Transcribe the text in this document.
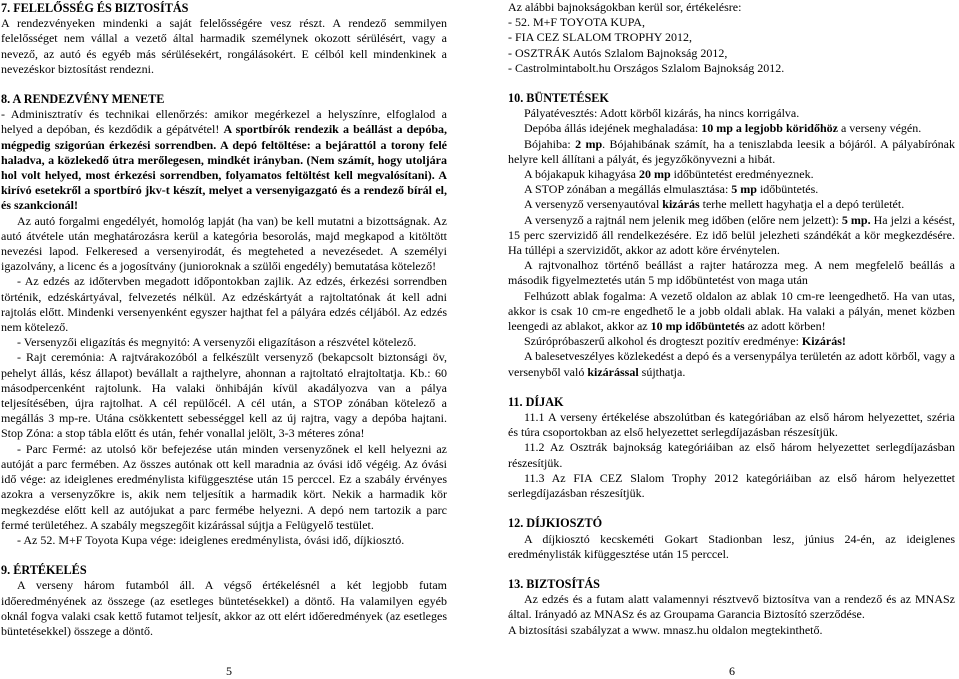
7. FELELŐSSÉG ÉS BIZTOSÍTÁS

A rendezvényeken mindenki a saját felelősségére vesz részt. A rendező semmilyen felelősséget nem vállal a vezető által harmadik személynek okozott sérülésért, vagy a nevező, az autó és egyéb más sérülésekért, rongálásokért. E célból kell mindenkinek a nevezéskor biztosítást rendezni.

8. A RENDEZVÉNY MENETE

- Adminisztratív és technikai ellenőrzés: amikor megérkezel a helyszínre, elfoglalod a helyed a depóban, és kezdődik a gépátvétel! A sportbírók rendezik a beállást a depóba, mégpedig szigorúan érkezési sorrendben. A depó feltöltése: a bejárattól a torony felé haladva, a közlekedő útra merőlegesen, mindkét irányban. (Nem számít, hogy utoljára hol volt helyed, most érkezési sorrendben, folyamatos feltöltést kell megvalósítani). A kirívó esetekről a sportbíró jkv-t készít, melyet a versenyigazgató és a rendező bírál el, és szankcionál!

Az autó forgalmi engedélyét, homológ lapját (ha van) be kell mutatni a bizottságnak. Az autó átvétele után meghatározásra kerül a kategória besorolás, majd megkapod a kitöltött nevezési lapod. Felkeresed a versenyirodát, és megteheted a nevezésedet. A személyi igazolvány, a licenc és a jogosítvány (junioroknak a szülői engedély) bemutatása kötelező!

- Az edzés az időtervben megadott időpontokban zajlik. Az edzés, érkezési sorrendben történik, edzéskártyával, felvezetés nélkül. Az edzéskártyát a rajtoltatónak át kell adni rajtolás előtt. Mindenki versenyenként egyszer hajthat fel a pályára edzés céljából. Az edzés nem kötelező.

- Versenyzői eligazítás és megnyitó: A versenyzői eligazításon a részvétel kötelező.

- Rajt ceremónia: A rajtvárakozóból a felkészült versenyző (bekapcsolt biztonsági öv, pehelyt állás, kész állapot) bevállalt a rajthelyre, ahonnan a rajtoltató elrajtoltatja. Kb.: 60 másodpercenként rajtolunk. Ha valaki önhibáján kívül akadályozva van a pálya teljesítésében, újra rajtolhat. A cél repülőcél. A cél után, a STOP zónában kötelező a megállás 3 mp-re. Utána csökkentett sebességgel kell az új rajtra, vagy a depóba hajtani. Stop Zóna: a stop tábla előtt és után, fehér vonallal jelölt, 3-3 méteres zóna!

- Parc Fermé: az utolsó kör befejezése után minden versenyzőnek el kell helyezni az autóját a parc fermében. Az összes autónak ott kell maradnia az óvási idő végéig. Az óvási idő vége: az ideiglenes eredménylista kifüggesztése után 15 perccel. Ez a szabály érvényes azokra a versenyzőkre is, akik nem teljesítik a harmadik kört. Nekik a harmadik kör megkezdése előtt kell az autójukat a parc fermébe helyezni. A depó nem tartozik a parc fermé területéhez. A szabály megszegőit kizárással sújtja a Felügyelő testület.

- Az 52. M+F Toyota Kupa vége: ideiglenes eredménylista, óvási idő, díjkiosztó.

9. ÉRTÉKELÉS

A verseny három futamból áll. A végső értékelésnél a két legjobb futam időeredményének az összege (az esetleges büntetésekkel) a döntő. Ha valamilyen egyéb oknál fogva valaki csak kettő futamot teljesít, akkor az ott elért időeredmények (az esetleges büntetésekkel) összege a döntő.

5

Az alábbi bajnokságokban kerül sor, értékelésre:

- 52. M+F TOYOTA KUPA,

- FIA CEZ SLALOM TROPHY 2012,

- OSZTRÁK Autós Szlalom Bajnokság 2012,

- Castrolmintabolt.hu Országos Szlalom Bajnokság 2012.

10. BÜNTETÉSEK

Pályatévesztés: Adott körből kizárás, ha nincs korrigálva.

Depóba állás idejének meghaladása: 10 mp a legjobb köridőhöz a verseny végén.

Bójahiba: 2 mp. Bójahibának számít, ha a teniszlabda leesik a bójáról. A pályabírónak helyre kell állítani a pályát, és jegyzőkönyvezni a hibát.

A bójakapuk kihagyása 20 mp időbüntetést eredményeznek.

A STOP zónában a megállás elmulasztása: 5 mp időbüntetés.

A versenyző versenyautóval kizárás terhe mellett hagyhatja el a depó területét.

A versenyző a rajtnál nem jelenik meg időben (előre nem jelzett): 5 mp. Ha jelzi a késést, 15 perc szervizidő áll rendelkezésére. Ez idő belül jelezheti szándékát a kör megkezdésére. Ha túllépi a szervizidőt, akkor az adott köre érvénytelen.

A rajtvonalhoz történő beállást a rajter határozza meg. A nem megfelelő beállás a második figyelmeztetés után 5 mp időbüntetést von maga után

Felhúzott ablak fogalma: A vezető oldalon az ablak 10 cm-re leengedhető. Ha van utas, akkor is csak 10 cm-re engedhető le a jobb oldali ablak. Ha valaki a pályán, menet közben leengedi az ablakot, akkor az 10 mp időbüntetés az adott körben!

Szúrópróbaszerű alkohol és drogteszt pozitív eredménye: Kizárás!

A balesetveszélyes közlekedést a depó és a versenypálya területén az adott körből, vagy a versenyből való kizárással sújthatja.

11. DÍJAK

11.1 A verseny értékelése abszolútban és kategóriában az első három helyezettet, széria és túra csoportokban az első helyezettet serlegdíjazásban részesítjük.

11.2 Az Osztrák bajnokság kategóriáiban az első három helyezettet serlegdíjazásban részesítjük.

11.3 Az FIA CEZ Slalom Trophy 2012 kategóriáiban az első három helyezettet serlegdíjazásban részesítjük.

12. DÍJKIOSZTÓ

A díjkiosztó kecskeméti Gokart Stadionban lesz, június 24-én, az ideiglenes eredménylisták kifüggesztése után 15 perccel.

13. BIZTOSÍTÁS

Az edzés és a futam alatt valamennyi résztvevő biztosítva van a rendező és az MNASz által. Irányadó az MNASz és az Groupama Garancia Biztosító szerződése.

A biztosítási szabályzat a www. mnasz.hu oldalon megtekinthető.

6
